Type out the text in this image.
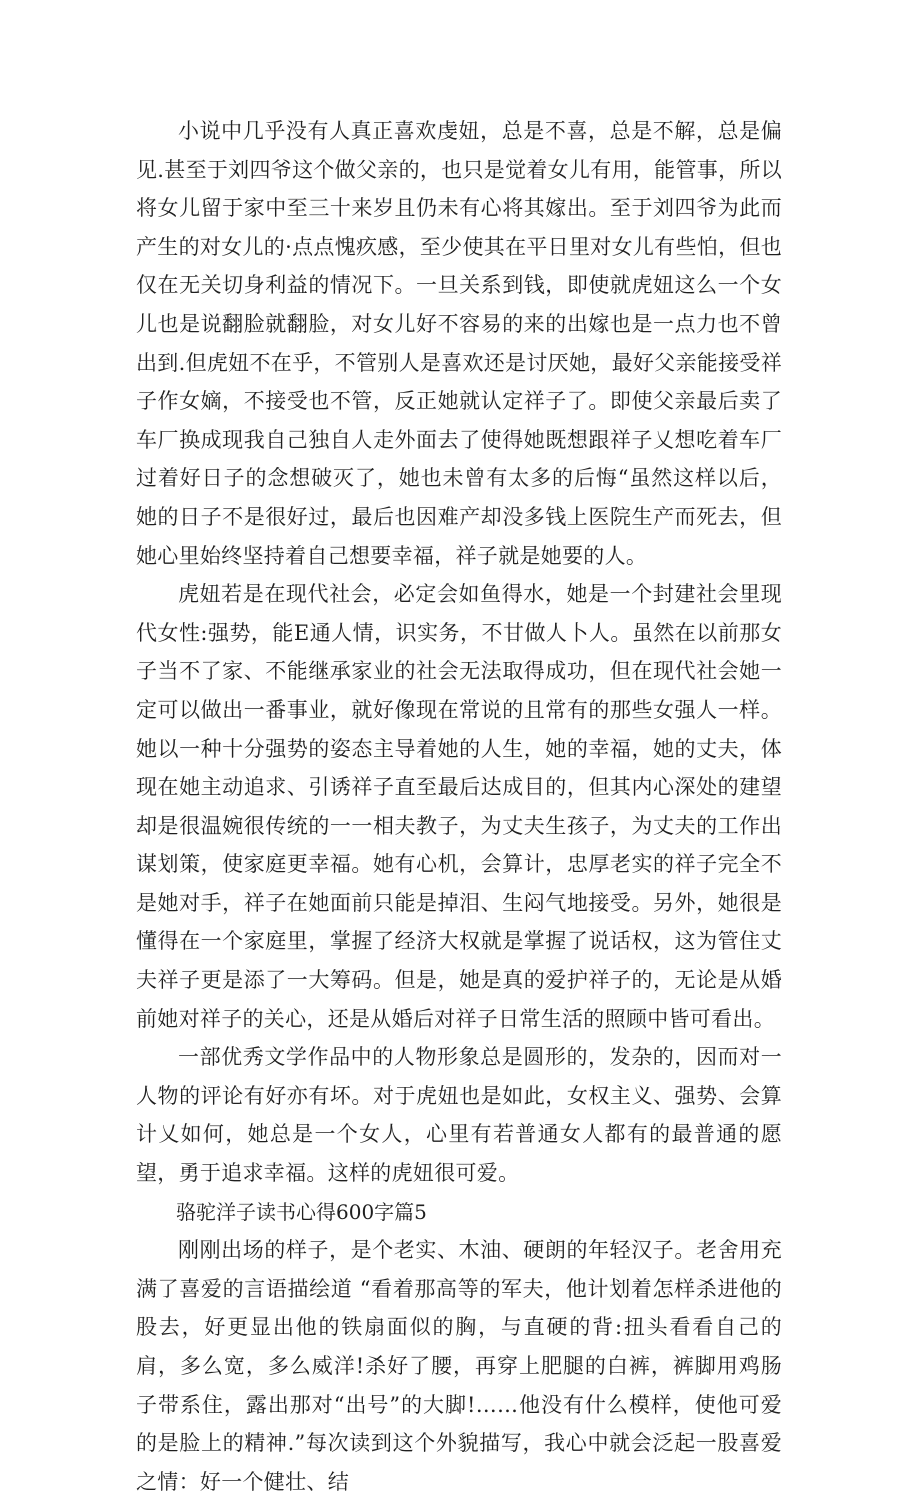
小说中几乎没有人真正喜欢虔妞，总是不喜，总是不解，总是偏见.甚至于刘四爷这个做父亲的，也只是觉着女儿有用，能管事，所以将女儿留于家中至三十来岁且仍未有心将其嫁出。至于刘四爷为此而产生的对女儿的·点点愧疚感，至少使其在平日里对女儿有些怕，但也仅在无关切身利益的情况下。一旦关系到钱，即使就虎妞这么一个女儿也是说翻脸就翻脸，对女儿好不容易的来的出嫁也是一点力也不曾出到.但虎妞不在乎，不管别人是喜欢还是讨厌她，最好父亲能接受祥子作女嫡，不接受也不管，反正她就认定祥子了。即使父亲最后卖了车厂换成现我自己独自人走外面去了使得她既想跟祥子乂想吃着车厂过着好日子的念想破灭了，她也未曾有太多的后悔“虽然这样以后，她的日子不是很好过，最后也因难产却没多钱上医院生产而死去，但她心里始终坚持着自己想要幸福，祥子就是她要的人。

虎妞若是在现代社会，必定会如鱼得水，她是一个封建社会里现代女性:强势，能E通人情，识实务，不甘做人卜人。虽然在以前那女子当不了家、不能继承家业的社会无法取得成功，但在现代社会她一定可以做出一番事业，就好像现在常说的且常有的那些女强人一样。她以一种十分强势的姿态主导着她的人生，她的幸福，她的丈夫，体现在她主动追求、引诱祥子直至最后达成目的，但其内心深处的建望却是很温婉很传统的一一相夫教子，为丈夫生孩子，为丈夫的工作出谋划策，使家庭更幸福。她有心机，会算计，忠厚老实的祥子完全不是她对手，祥子在她面前只能是掉泪、生闷气地接受。另外，她很是懂得在一个家庭里，掌握了经济大权就是掌握了说话权，这为管住丈夫祥子更是添了一大筹码。但是，她是真的爱护祥子的，无论是从婚前她对祥子的关心，还是从婚后对祥子日常生活的照顾中皆可看出。

一部优秀文学作品中的人物形象总是圆形的，发杂的，因而对一人物的评论有好亦有坏。对于虎妞也是如此，女权主义、强势、会算计乂如何，她总是一个女人，心里有若普通女人都有的最普通的愿望，勇于追求幸福。这样的虎妞很可爱。

骆驼洋子读书心得600字篇5

刚刚出场的样子，是个老实、木油、硬朗的年轻汉子。老舍用充满了喜爱的言语描绘道 “看着那高等的军夫，他计划着怎样杀进他的股去，好更显出他的铁扇面似的胸，与直硬的背:扭头看看自己的肩，多么宽，多么威洋!杀好了腰，再穿上肥腿的白裤，裤脚用鸡肠子带系住，露出那对“出号”的大脚!……他没有什么模样，使他可爱的是脸上的精神.”每次读到这个外貌描写，我心中就会泛起一股喜爱之情：好一个健壮、结
